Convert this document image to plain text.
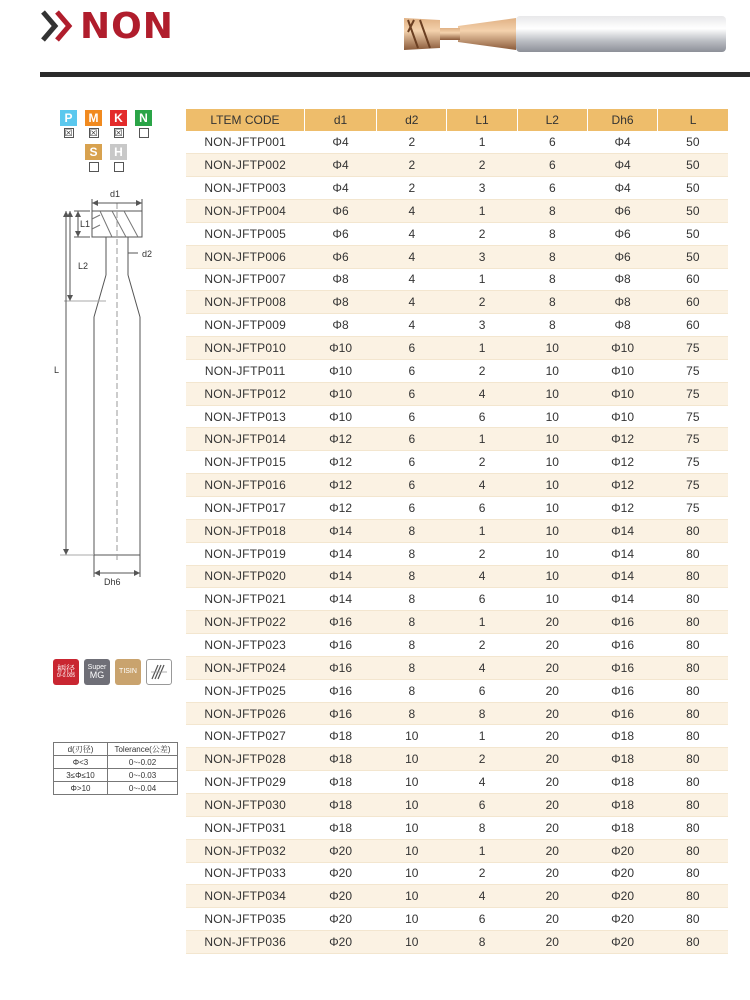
NON
P
☒
M
☒
K
☒
N
S	H
d1
d2
L1
L2
L
Dh6
柄径
0/-0.005
Super
MG TISIN
d(刃径)	Tolerance(公差)
Φ<3	0~-0.02
3≤Φ≤10	0~-0.03
Φ>10	0~-0.04
LTEM CODE	d1	d2	L1	L2	Dh6	L
NON-JFTP001	Φ4	2	1	6	Φ4	50
NON-JFTP002	Φ4	2	2	6	Φ4	50
NON-JFTP003	Φ4	2	3	6	Φ4	50
NON-JFTP004	Φ6	4	1	8	Φ6	50
NON-JFTP005	Φ6	4	2	8	Φ6	50
NON-JFTP006	Φ6	4	3	8	Φ6	50
NON-JFTP007	Φ8	4	1	8	Φ8	60
NON-JFTP008	Φ8	4	2	8	Φ8	60
NON-JFTP009	Φ8	4	3	8	Φ8	60
NON-JFTP010	Φ10	6	1	10	Φ10	75
NON-JFTP011	Φ10	6	2	10	Φ10	75
NON-JFTP012	Φ10	6	4	10	Φ10	75
NON-JFTP013	Φ10	6	6	10	Φ10	75
NON-JFTP014	Φ12	6	1	10	Φ12	75
NON-JFTP015	Φ12	6	2	10	Φ12	75
NON-JFTP016	Φ12	6	4	10	Φ12	75
NON-JFTP017	Φ12	6	6	10	Φ12	75
NON-JFTP018	Φ14	8	1	10	Φ14	80
NON-JFTP019	Φ14	8	2	10	Φ14	80
NON-JFTP020	Φ14	8	4	10	Φ14	80
NON-JFTP021	Φ14	8	6	10	Φ14	80
NON-JFTP022	Φ16	8	1	20	Φ16	80
NON-JFTP023	Φ16	8	2	20	Φ16	80
NON-JFTP024	Φ16	8	4	20	Φ16	80
NON-JFTP025	Φ16	8	6	20	Φ16	80
NON-JFTP026	Φ16	8	8	20	Φ16	80
NON-JFTP027	Φ18	10	1	20	Φ18	80
NON-JFTP028	Φ18	10	2	20	Φ18	80
NON-JFTP029	Φ18	10	4	20	Φ18	80
NON-JFTP030	Φ18	10	6	20	Φ18	80
NON-JFTP031	Φ18	10	8	20	Φ18	80
NON-JFTP032	Φ20	10	1	20	Φ20	80
NON-JFTP033	Φ20	10	2	20	Φ20	80
NON-JFTP034	Φ20	10	4	20	Φ20	80
NON-JFTP035	Φ20	10	6	20	Φ20	80
NON-JFTP036	Φ20	10	8	20	Φ20	80
